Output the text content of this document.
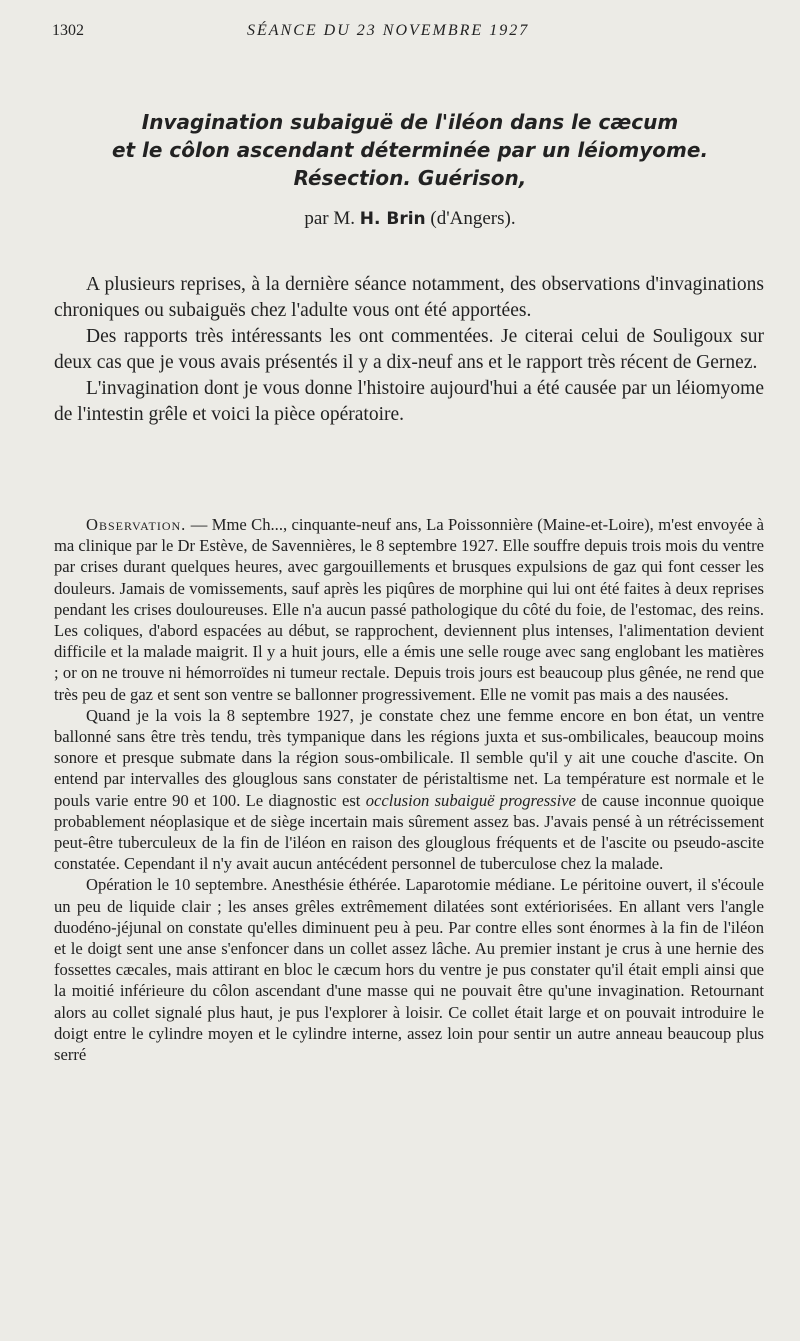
1302	SÉANCE DU 23 NOVEMBRE 1927
Invagination subaiguë de l'iléon dans le cæcum
et le côlon ascendant déterminée par un léiomyome.
Résection. Guérison,
par M. H. Brin (d'Angers).

A plusieurs reprises, à la dernière séance notamment, des observations d'invaginations chroniques ou subaiguës chez l'adulte vous ont été apportées.

Des rapports très intéressants les ont commentées. Je citerai celui de Souligoux sur deux cas que je vous avais présentés il y a dix-neuf ans et le rapport très récent de Gernez.

L'invagination dont je vous donne l'histoire aujourd'hui a été causée par un léiomyome de l'intestin grêle et voici la pièce opératoire.

Observation. — Mme Ch..., cinquante-neuf ans, La Poissonnière (Maine-et-Loire), m'est envoyée à ma clinique par le Dr Estève, de Savennières, le 8 septembre 1927. Elle souffre depuis trois mois du ventre par crises durant quelques heures, avec gargouillements et brusques expulsions de gaz qui font cesser les douleurs. Jamais de vomissements, sauf après les piqûres de morphine qui lui ont été faites à deux reprises pendant les crises douloureuses. Elle n'a aucun passé pathologique du côté du foie, de l'estomac, des reins. Les coliques, d'abord espacées au début, se rapprochent, deviennent plus intenses, l'alimentation devient difficile et la malade maigrit. Il y a huit jours, elle a émis une selle rouge avec sang englobant les matières ; or on ne trouve ni hémorroïdes ni tumeur rectale. Depuis trois jours est beaucoup plus gênée, ne rend que très peu de gaz et sent son ventre se ballonner progressivement. Elle ne vomit pas mais a des nausées.

Quand je la vois la 8 septembre 1927, je constate chez une femme encore en bon état, un ventre ballonné sans être très tendu, très tympanique dans les régions juxta et sus-ombilicales, beaucoup moins sonore et presque submate dans la région sous-ombilicale. Il semble qu'il y ait une couche d'ascite. On entend par intervalles des glouglous sans constater de péristaltisme net. La température est normale et le pouls varie entre 90 et 100. Le diagnostic est occlusion subaiguë progressive de cause inconnue quoique probablement néoplasique et de siège incertain mais sûrement assez bas. J'avais pensé à un rétrécissement peut-être tuberculeux de la fin de l'iléon en raison des glouglous fréquents et de l'ascite ou pseudo-ascite constatée. Cependant il n'y avait aucun antécédent personnel de tuberculose chez la malade.

Opération le 10 septembre. Anesthésie éthérée. Laparotomie médiane. Le péritoine ouvert, il s'écoule un peu de liquide clair ; les anses grêles extrêmement dilatées sont extériorisées. En allant vers l'angle duodéno-jéjunal on constate qu'elles diminuent peu à peu. Par contre elles sont énormes à la fin de l'iléon et le doigt sent une anse s'enfoncer dans un collet assez lâche. Au premier instant je crus à une hernie des fossettes cæcales, mais attirant en bloc le cæcum hors du ventre je pus constater qu'il était empli ainsi que la moitié inférieure du côlon ascendant d'une masse qui ne pouvait être qu'une invagination. Retournant alors au collet signalé plus haut, je pus l'explorer à loisir. Ce collet était large et on pouvait introduire le doigt entre le cylindre moyen et le cylindre interne, assez loin pour sentir un autre anneau beaucoup plus serré
